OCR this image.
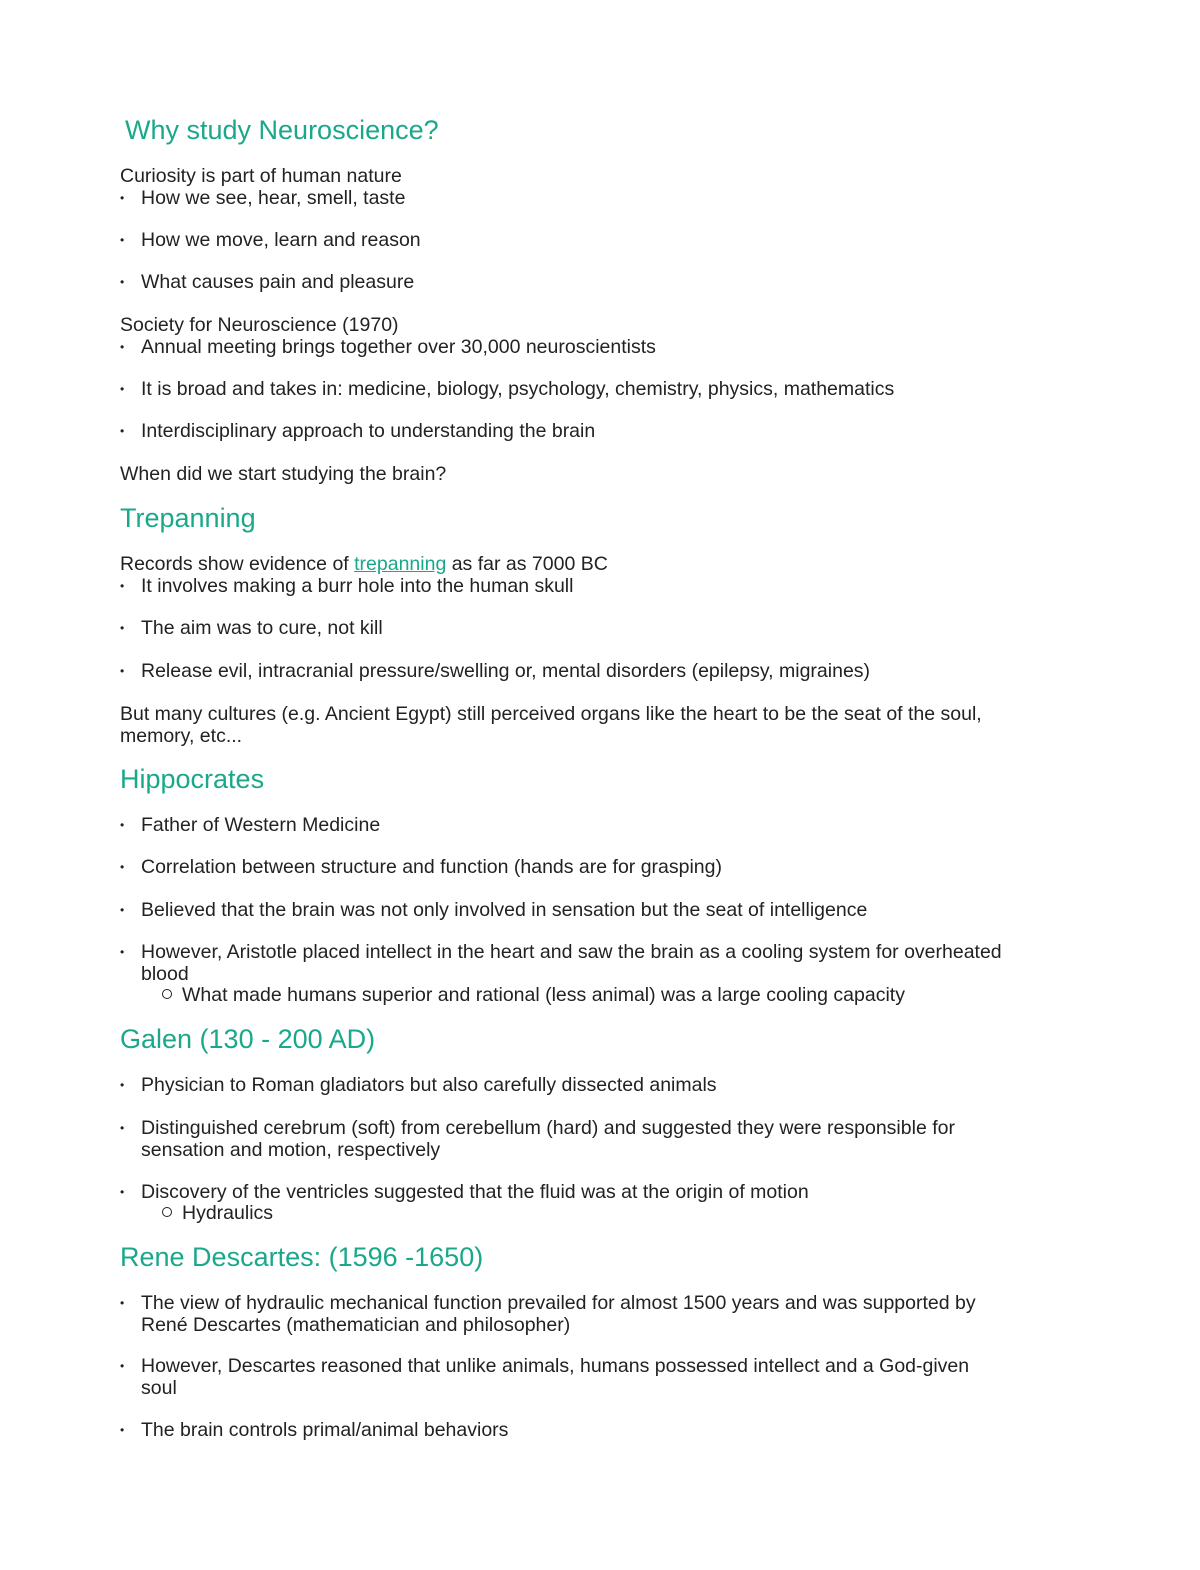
Why study Neuroscience?

Curiosity is part of human nature

• How we see, hear, smell, taste
• How we move, learn and reason
• What causes pain and pleasure

Society for Neuroscience (1970)

• Annual meeting brings together over 30,000 neuroscientists
• It is broad and takes in: medicine, biology, psychology, chemistry, physics, mathematics
• Interdisciplinary approach to understanding the brain

When did we start studying the brain?

Trepanning

Records show evidence of trepanning as far as 7000 BC

• It involves making a burr hole into the human skull
• The aim was to cure, not kill
• Release evil, intracranial pressure/swelling or, mental disorders (epilepsy, migraines)

But many cultures (e.g. Ancient Egypt) still perceived organs like the heart to be the seat of the soul,

memory, etc...

Hippocrates
• Father of Western Medicine
• Correlation between structure and function (hands are for grasping)
• Believed that the brain was not only involved in sensation but the seat of intelligence
• However, Aristotle placed intellect in the heart and saw the brain as a cooling system for overheated
blood

What made humans superior and rational (less animal) was a large cooling capacity

Galen (130 - 200 AD)
• Physician to Roman gladiators but also carefully dissected animals
• Distinguished cerebrum (soft) from cerebellum (hard) and suggested they were responsible for
sensation and motion, respectively
• Discovery of the ventricles suggested that the fluid was at the origin of motion

Hydraulics

Rene Descartes: (1596 -1650)
• The view of hydraulic mechanical function prevailed for almost 1500 years and was supported by
René Descartes (mathematician and philosopher)
• However, Descartes reasoned that unlike animals, humans possessed intellect and a God-given
soul
• The brain controls primal/animal behaviors
